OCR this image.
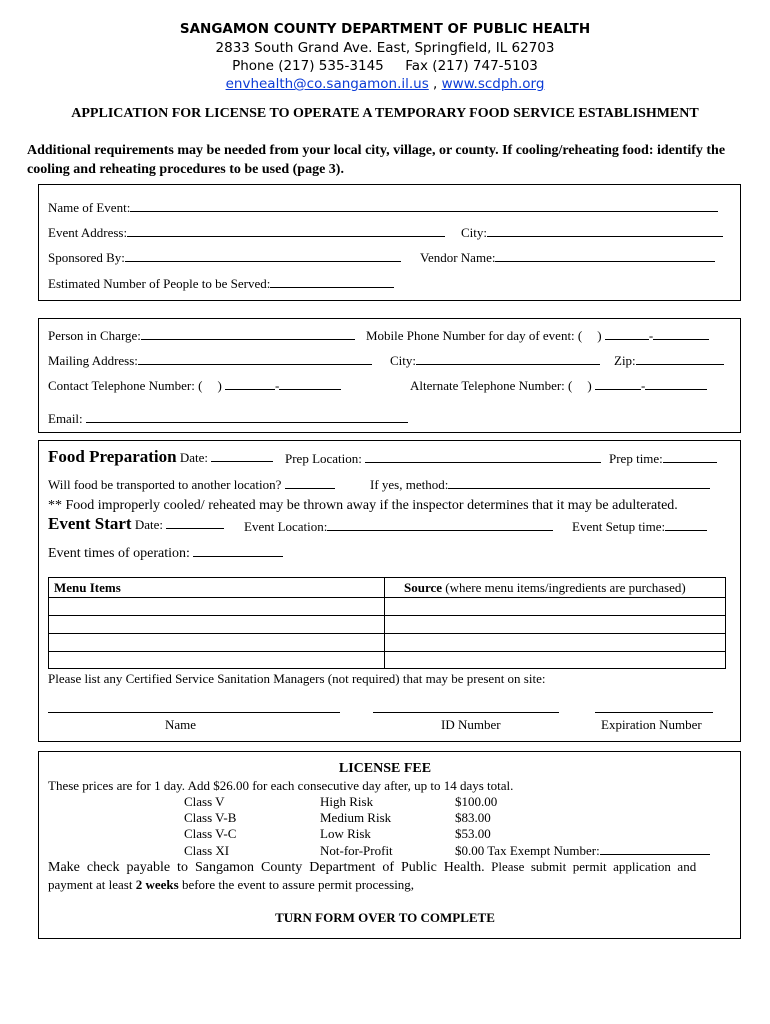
SANGAMON COUNTY DEPARTMENT OF PUBLIC HEALTH
2833 South Grand Ave. East, Springfield, IL 62703
Phone (217) 535-3145     Fax (217) 747-5103
envhealth@co.sangamon.il.us , www.scdph.org
APPLICATION FOR LICENSE TO OPERATE A TEMPORARY FOOD SERVICE ESTABLISHMENT
Additional requirements may be needed from your local city, village, or county. If cooling/reheating food: identify the cooling and reheating procedures to be used (page 3).
Name of Event:
Event Address:	City:
Sponsored By:	Vendor Name:
Estimated Number of People to be Served:
Person in Charge:	Mobile Phone Number for day of event: ( )	-
Mailing Address:	City:	Zip:
Contact Telephone Number: ( )	-	Alternate Telephone Number: ( )	-
Email:
Food Preparation Date:	Prep Location:	Prep time:
Will food be transported to another location?	If yes, method:
** Food improperly cooled/ reheated may be thrown away if the inspector determines that it may be adulterated.
Event Start Date:	Event Location:	Event Setup time:
Event times of operation:
Menu Items	Source (where menu items/ingredients are purchased)
Please list any Certified Service Sanitation Managers (not required) that may be present on site:
Name	ID Number	Expiration Number
LICENSE FEE
These prices are for 1 day. Add $26.00 for each consecutive day after, up to 14 days total.
Class V	High Risk	$100.00
Class V-B	Medium Risk	$83.00
Class V-C	Low Risk	$53.00
Class XI	Not-for-Profit	$0.00 Tax Exempt Number:
Make  check  payable  to  Sangamon  County  Department  of  Public  Health.  Please  submit  permit  application  and
payment at least 2 weeks before the event to assure permit processing,
TURN FORM OVER TO COMPLETE
